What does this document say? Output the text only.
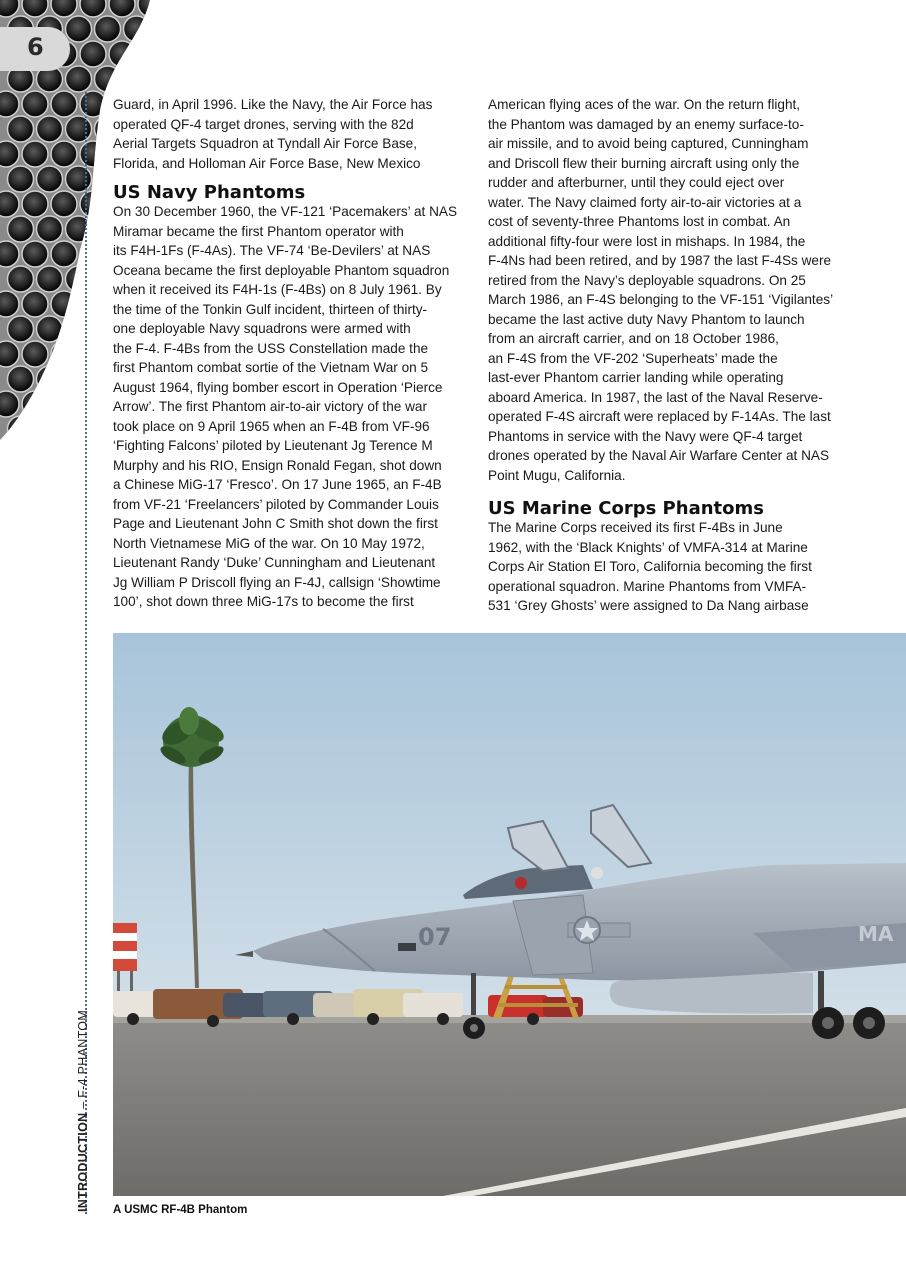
6
INTRODUCTION – F-4 PHANTOM
Guard, in April 1996. Like the Navy, the Air Force has
operated QF-4 target drones, serving with the 82d
Aerial Targets Squadron at Tyndall Air Force Base,
Florida, and Holloman Air Force Base, New Mexico
US Navy Phantoms
On 30 December 1960, the VF-121 ‘Pacemakers’ at NAS
Miramar became the first Phantom operator with
its F4H-1Fs (F-4As). The VF-74 ‘Be-Devilers’ at NAS
Oceana became the first deployable Phantom squadron
when it received its F4H-1s (F-4Bs) on 8 July 1961. By
the time of the Tonkin Gulf incident, thirteen of thirty-
one deployable Navy squadrons were armed with
the F-4. F-4Bs from the USS Constellation made the
first Phantom combat sortie of the Vietnam War on 5
August 1964, flying bomber escort in Operation ‘Pierce
Arrow’. The first Phantom air-to-air victory of the war
took place on 9 April 1965 when an F-4B from VF-96
‘Fighting Falcons’ piloted by Lieutenant Jg Terence M
Murphy and his RIO, Ensign Ronald Fegan, shot down
a Chinese MiG-17 ‘Fresco’. On 17 June 1965, an F-4B
from VF-21 ‘Freelancers’ piloted by Commander Louis
Page and Lieutenant John C Smith shot down the first
North Vietnamese MiG of the war. On 10 May 1972,
Lieutenant Randy ‘Duke’ Cunningham and Lieutenant
Jg William P Driscoll flying an F-4J, callsign ‘Showtime
100’, shot down three MiG-17s to become the first
American flying aces of the war. On the return flight,
the Phantom was damaged by an enemy surface-to-
air missile, and to avoid being captured, Cunningham
and Driscoll flew their burning aircraft using only the
rudder and afterburner, until they could eject over
water. The Navy claimed forty air-to-air victories at a
cost of seventy-three Phantoms lost in combat. An
additional fifty-four were lost in mishaps. In 1984, the
F-4Ns had been retired, and by 1987 the last F-4Ss were
retired from the Navy’s deployable squadrons. On 25
March 1986, an F-4S belonging to the VF-151 ‘Vigilantes’
became the last active duty Navy Phantom to launch
from an aircraft carrier, and on 18 October 1986,
an F-4S from the VF-202 ‘Superheats’ made the
last-ever Phantom carrier landing while operating
aboard America. In 1987, the last of the Naval Reserve-
operated F-4S aircraft were replaced by F-14As. The last
Phantoms in service with the Navy were QF-4 target
drones operated by the Naval Air Warfare Center at NAS
Point Mugu, California.
US Marine Corps Phantoms
The Marine Corps received its first F-4Bs in June
1962, with the ‘Black Knights’ of VMFA-314 at Marine
Corps Air Station El Toro, California becoming the first
operational squadron. Marine Phantoms from VMFA-
531 ‘Grey Ghosts’ were assigned to Da Nang airbase
07	MA
A USMC RF-4B Phantom
